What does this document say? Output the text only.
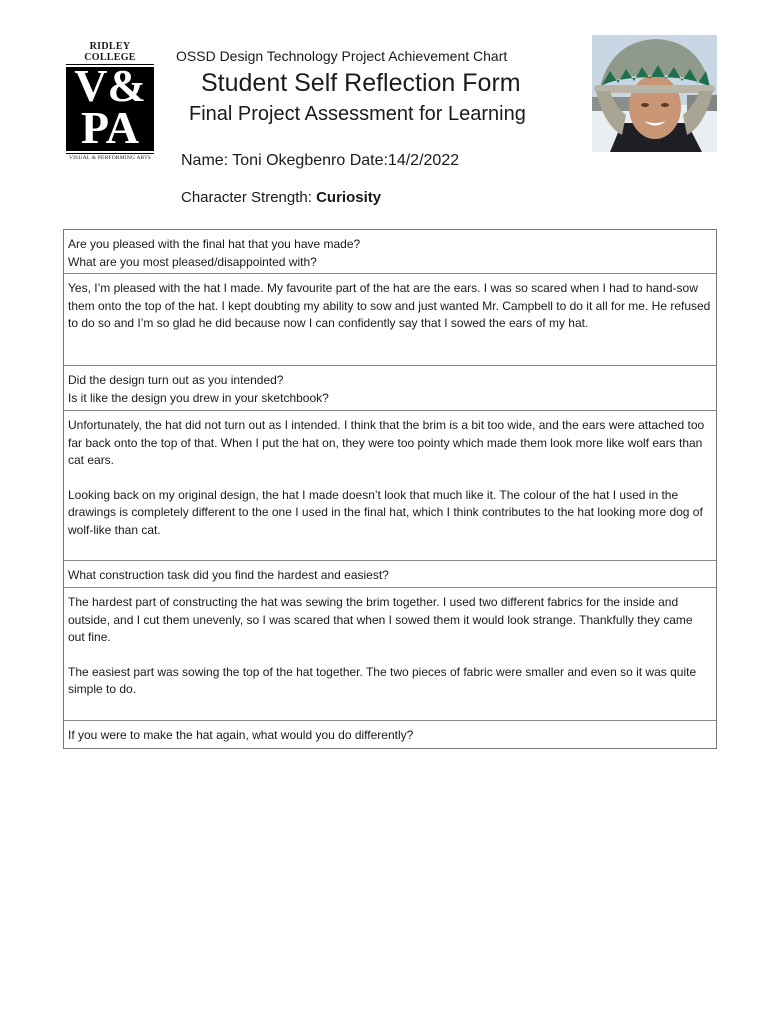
RIDLEY COLLEGE
V&
PA
VISUAL & PERFORMING ARTS
OSSD Design Technology Project Achievement Chart
Student Self Reflection Form
Final Project Assessment for Learning
Name: Toni Okegbenro Date:14/2/2022
Character Strength: Curiosity

Are you pleased with the final hat that you have made?

What are you most pleased/disappointed with?

Yes, I’m pleased with the hat I made. My favourite part of the hat are the ears. I was so scared when I had to hand-sow them onto the top of the hat. I kept doubting my ability to sow and just wanted Mr. Campbell to do it all for me. He refused to do so and I’m so glad he did because now I can confidently say that I sowed the ears of my hat.

Did the design turn out as you intended?
Is it like the design you drew in your sketchbook?

Unfortunately, the hat did not turn out as I intended. I think that the brim is a bit too wide, and the ears were attached too far back onto the top of that. When I put the hat on, they were too pointy which made them look more like wolf ears than cat ears.

Looking back on my original design, the hat I made doesn’t look that much like it. The colour of the hat I used in the drawings is completely different to the one I used in the final hat, which I think contributes to the hat looking more dog of wolf-like than cat.

What construction task did you find the hardest and easiest?

The hardest part of constructing the hat was sewing the brim together. I used two different fabrics for the inside and outside, and I cut them unevenly, so I was scared that when I sowed them it would look strange. Thankfully they came out fine.

The easiest part was sowing the top of the hat together. The two pieces of fabric were smaller and even so it was quite simple to do.

If you were to make the hat again, what would you do differently?
